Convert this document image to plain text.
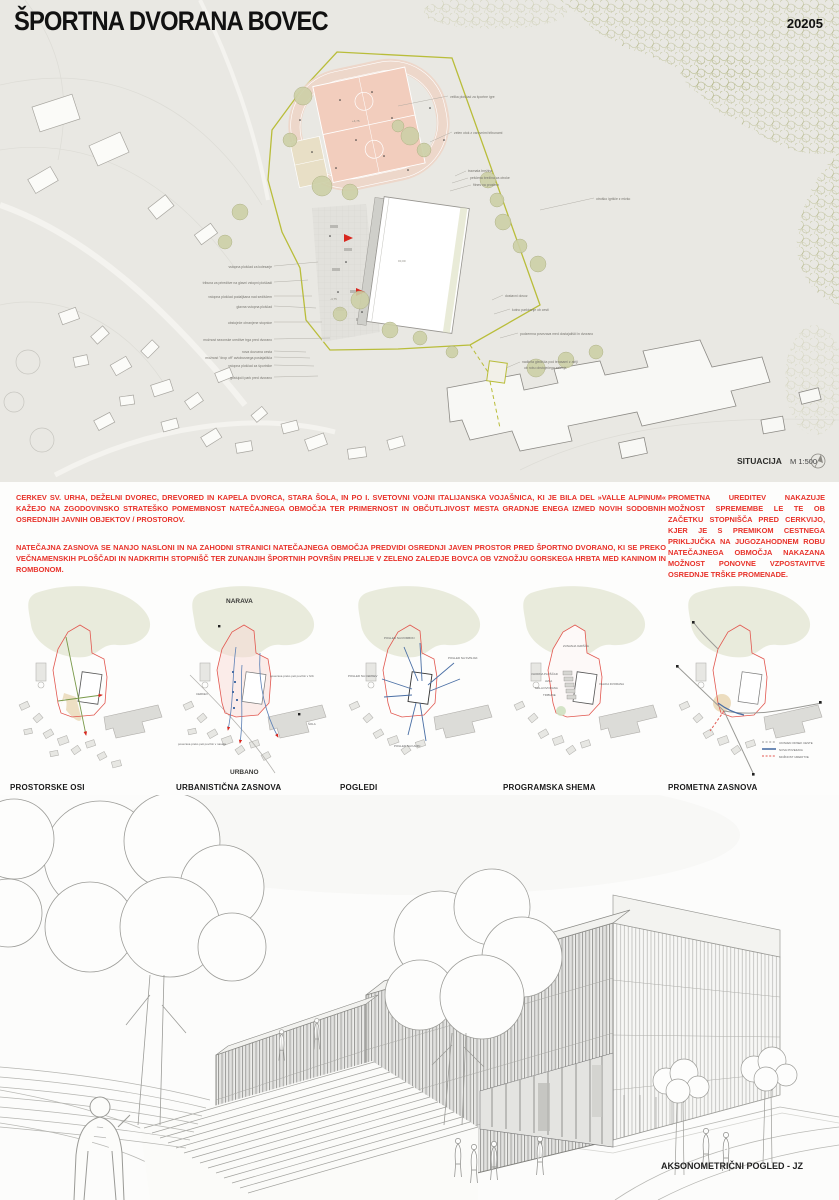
vstopna ploščad za kolesarje
tribuna za prireditve na glavni vstopni ploščadi
vstopna ploščad podaljšana nad sediščem
glavna vstopna ploščad
obstoječe ohranjene stopnice
možnost sezonske ureditve trga pred dvorano
nova dovozna cesta
možnost "drop off" avtobusnega postajališča
vstopna ploščad za športnike
gostujoči park pred dvorano
velika ploščad za športne igre
zelen otok z varovnimi tribunami
travnata brežina
peščena brežina za otroke
fitnes na prostem
otroško igrišče z mivko
dostavni dovoz
kotno parkiranje ob cesti
podzemna povezava med dostajališči in dvorano
nadkrita gledišča pod terasami z atriji
ob robu obstoječega zelenja
+4,75
±0,00
-4,75
SITUACIJA M 1:500
ŠPORTNA DVORANA BOVEC	20205

CERKEV SV. URHA, DEŽELNI DVOREC, DREVORED IN KAPELA DVORCA, STARA ŠOLA, IN PO I. SVETOVNI VOJNI ITALIJANSKA VOJAŠNICA, KI JE BILA DEL »VALLE ALPINUM« KAŽEJO NA ZGODOVINSKO STRATEŠKO POMEMBNOST NATEČAJNEGA OBMOČJA TER PRIMERNOST IN OBČUTLJIVOST MESTA GRADNJE ENEGA IZMED NOVIH SODOBNIH OSREDNJIH JAVNIH OBJEKTOV / PROSTOROV.

NATEČAJNA ZASNOVA SE NANJO NASLONI IN NA ZAHODNI STRANICI NATEČAJNEGA OBMOČJA PREDVIDI OSREDNJI JAVEN PROSTOR PRED ŠPORTNO DVORANO, KI SE PREKO VEČNAMENSKIH PLOŠČADI IN NADKRITIH STOPNIŠČ TER ZUNANJIH ŠPORTNIH POVRŠIN PRELIJE V ZELENO ZALEDJE BOVCA OB VZNOŽJU GORSKEGA HRBTA MED KANINOM IN ROMBONOM.

PROMETNA UREDITEV NAKAZUJE MOŽNOST SPREMEMBE LE TE OB ZAČETKU STOPNIŠČA PRED CERKVIJO, KJER JE S PREMIKOM CESTNEGA PRIKLJUČKA NA JUGOZAHODNEM ROBU NATEČAJNEGA OBMOČJA NAKAZANA MOŽNOST PONOVNE VZPOSTAVITVE OSREDNJE TRŠKE PROMENADE.

NARAVA
URBANO
CERKEV
ŠOLA
povezava preko peš površin v hrib
povezava preko peš površin v naselje
POGLED NA ROMBON
POGLED NA SVINJAK
POGLED NA CERKEV
POGLED NA KANIN
ZUNANJA IGRIŠČA
VHODNA PLOŠČAD
AVLA
MALA DVORANA
TRIBUNE
VELIKA DVORANA
UKINJEN ODSEK CESTE
NOVA POVEZAVA
MOŽNOST UREDITVE
PROSTORSKE OSI	URBANISTIČNA ZASNOVA	POGLEDI	PROGRAMSKA SHEMA	PROMETNA ZASNOVA
AKSONOMETRIČNI POGLED - JZ
